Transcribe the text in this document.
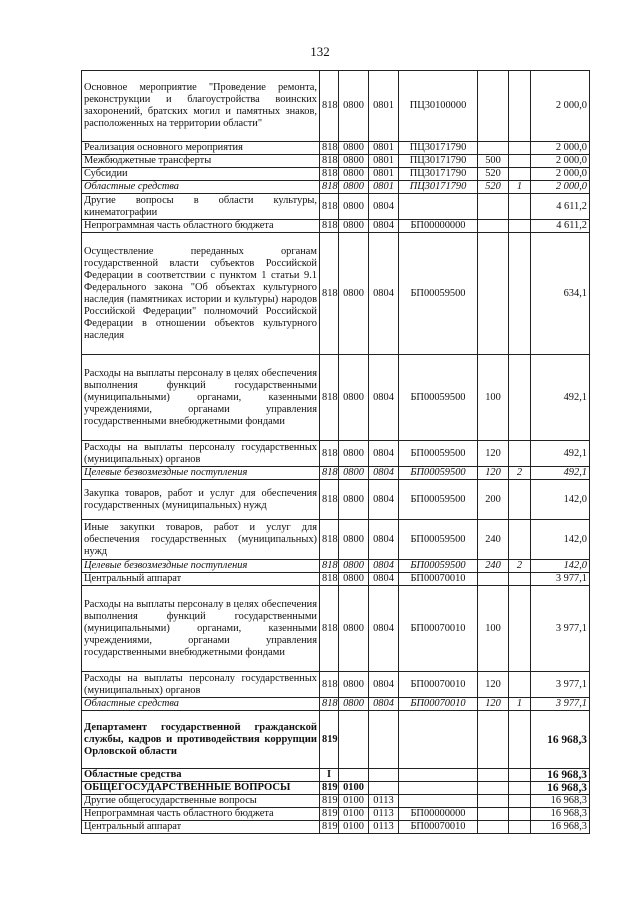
132
Основное мероприятие "Проведение ремонта, реконструкции и благоустройства воинских захоронений, братских могил и памятных знаков, расположенных на территории области"	818	0800	0801	ПЦ30100000			2 000,0
Реализация основного мероприятия	818	0800	0801	ПЦ30171790			2 000,0
Межбюджетные трансферты	818	0800	0801	ПЦ30171790	500		2 000,0
Субсидии	818	0800	0801	ПЦ30171790	520		2 000,0
Областные средства	818	0800	0801	ПЦ30171790	520	1	2 000,0
Другие вопросы в области культуры, кинематографии	818	0800	0804				4 611,2
Непрограммная часть областного бюджета	818	0800	0804	БП00000000			4 611,2
Осуществление переданных органам государственной власти субъектов Российской Федерации в соответствии с пунктом 1 статьи 9.1 Федерального закона "Об объектах культурного наследия (памятниках истории и культуры) народов Российской Федерации" полномочий Российской Федерации в отношении объектов культурного наследия	818	0800	0804	БП00059500			634,1
Расходы на выплаты персоналу в целях обеспечения выполнения функций государственными (муниципальными) органами, казенными учреждениями, органами управления государственными внебюджетными фондами	818	0800	0804	БП00059500	100		492,1
Расходы на выплаты персоналу государственных (муниципальных) органов	818	0800	0804	БП00059500	120		492,1
Целевые безвозмездные поступления	818	0800	0804	БП00059500	120	2	492,1
Закупка товаров, работ и услуг для обеспечения государственных (муниципальных) нужд	818	0800	0804	БП00059500	200		142,0
Иные закупки товаров, работ и услуг для обеспечения государственных (муниципальных) нужд	818	0800	0804	БП00059500	240		142,0
Целевые безвозмездные поступления	818	0800	0804	БП00059500	240	2	142,0
Центральный аппарат	818	0800	0804	БП00070010			3 977,1
Расходы на выплаты персоналу в целях обеспечения выполнения функций государственными (муниципальными) органами, казенными учреждениями, органами управления государственными внебюджетными фондами	818	0800	0804	БП00070010	100		3 977,1
Расходы на выплаты персоналу государственных (муниципальных) органов	818	0800	0804	БП00070010	120		3 977,1
Областные средства	818	0800	0804	БП00070010	120	1	3 977,1
Департамент государственной гражданской службы, кадров и противодействия коррупции Орловской области	819						16 968,3
Областные средства	I						16 968,3
ОБЩЕГОСУДАРСТВЕННЫЕ ВОПРОСЫ	819	0100					16 968,3
Другие общегосударственные вопросы	819	0100	0113				16 968,3
Непрограммная часть областного бюджета	819	0100	0113	БП00000000			16 968,3
Центральный аппарат	819	0100	0113	БП00070010			16 968,3
